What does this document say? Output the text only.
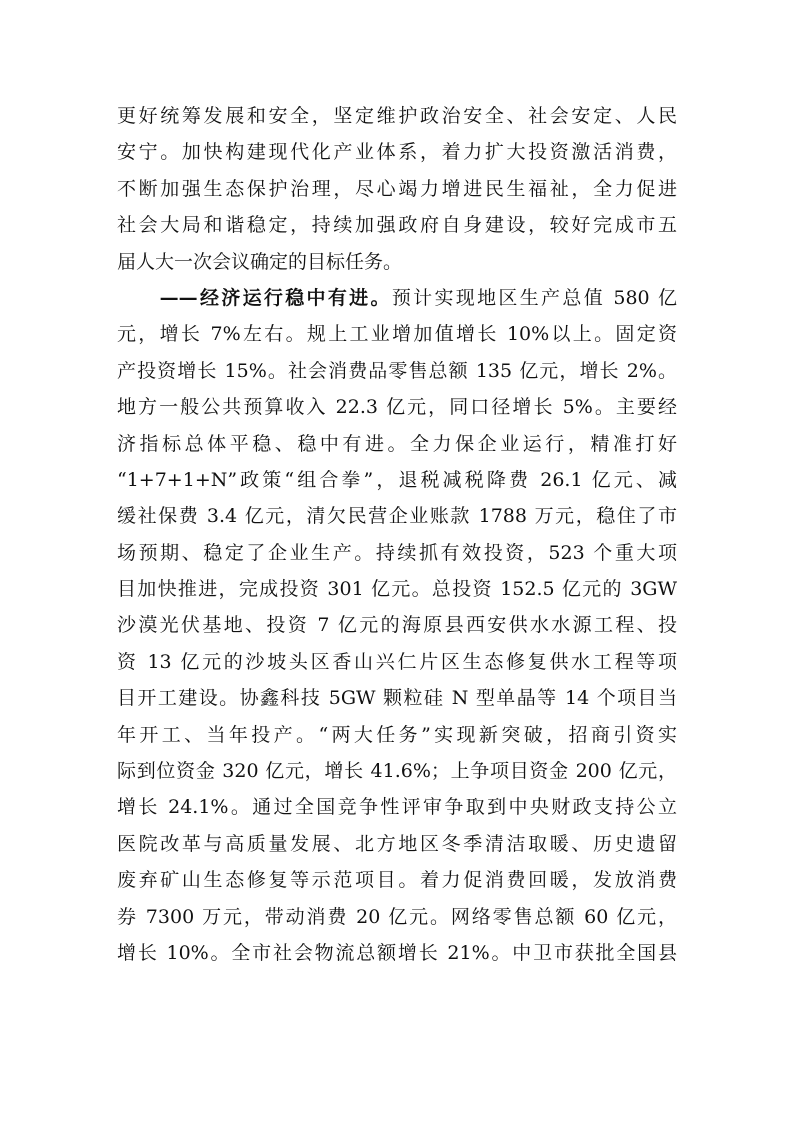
更好统筹发展和安全，坚定维护政治安全、社会安定、人民
安宁。加快构建现代化产业体系，着力扩大投资激活消费，
不断加强生态保护治理，尽心竭力增进民生福祉，全力促进
社会大局和谐稳定，持续加强政府自身建设，较好完成市五
届人大一次会议确定的目标任务。
　　——经济运行稳中有进。预计实现地区生产总值 580 亿
元，增长 7%左右。规上工业增加值增长 10%以上。固定资
产投资增长 15%。社会消费品零售总额 135 亿元，增长 2%。
地方一般公共预算收入 22.3 亿元，同口径增长 5%。主要经
济指标总体平稳、稳中有进。全力保企业运行，精准打好
“1+7+1+N”政策“组合拳”，退税减税降费 26.1 亿元、减
缓社保费 3.4 亿元，清欠民营企业账款 1788 万元，稳住了市
场预期、稳定了企业生产。持续抓有效投资，523 个重大项
目加快推进，完成投资 301 亿元。总投资 152.5 亿元的 3GW
沙漠光伏基地、投资 7 亿元的海原县西安供水水源工程、投
资 13 亿元的沙坡头区香山兴仁片区生态修复供水工程等项
目开工建设。协鑫科技 5GW 颗粒硅 N 型单晶等 14 个项目当
年开工、当年投产。“两大任务”实现新突破，招商引资实
际到位资金 320 亿元，增长 41.6%；上争项目资金 200 亿元，
增长 24.1%。通过全国竞争性评审争取到中央财政支持公立
医院改革与高质量发展、北方地区冬季清洁取暖、历史遗留
废弃矿山生态修复等示范项目。着力促消费回暖，发放消费
券 7300 万元，带动消费 20 亿元。网络零售总额 60 亿元，
增长 10%。全市社会物流总额增长 21%。中卫市获批全国县
